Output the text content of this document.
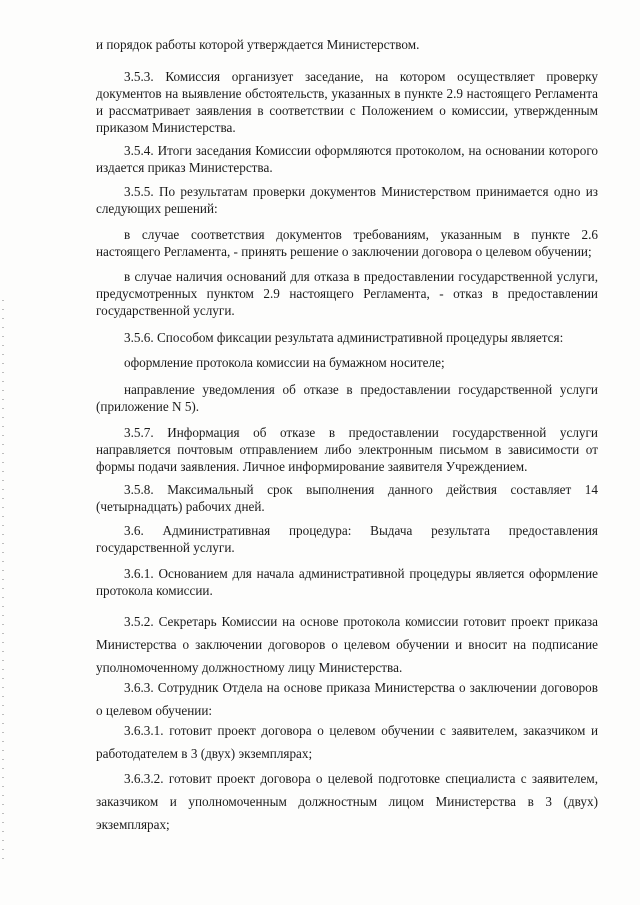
и порядок работы которой утверждается Министерством.

3.5.3. Комиссия организует заседание, на котором осуществляет проверку документов на выявление обстоятельств, указанных в пункте 2.9 настоящего Регламента и рассматривает заявления в соответствии с Положением о комиссии, утвержденным приказом Министерства.

3.5.4. Итоги заседания Комиссии оформляются протоколом, на основании которого издается приказ Министерства.

3.5.5. По результатам проверки документов Министерством принимается одно из следующих решений:

в случае соответствия документов требованиям, указанным в пункте 2.6 настоящего Регламента, - принять решение о заключении договора о целевом обучении;

в случае наличия оснований для отказа в предоставлении государственной услуги, предусмотренных пунктом 2.9 настоящего Регламента, - отказ в предоставлении государственной услуги.

3.5.6. Способом фиксации результата административной процедуры является:

оформление протокола комиссии на бумажном носителе;

направление уведомления об отказе в предоставлении государственной услуги (приложение N 5).

3.5.7. Информация об отказе в предоставлении государственной услуги направляется почтовым отправлением либо электронным письмом в зависимости от формы подачи заявления. Личное информирование заявителя Учреждением.

3.5.8. Максимальный срок выполнения данного действия составляет 14 (четырнадцать) рабочих дней.

3.6. Административная процедура: Выдача результата предоставления государственной услуги.

3.6.1. Основанием для начала административной процедуры является оформление протокола комиссии.

3.5.2. Секретарь Комиссии на основе протокола комиссии готовит проект приказа Министерства о заключении договоров о целевом обучении и вносит на подписание уполномоченному должностному лицу Министерства.

3.6.3. Сотрудник Отдела на основе приказа Министерства о заключении договоров о целевом обучении:

3.6.3.1. готовит проект договора о целевом обучении с заявителем, заказчиком и работодателем в 3 (двух) экземплярах;

3.6.3.2. готовит проект договора о целевой подготовке специалиста с заявителем, заказчиком и уполномоченным должностным лицом Министерства в 3 (двух) экземплярах;
